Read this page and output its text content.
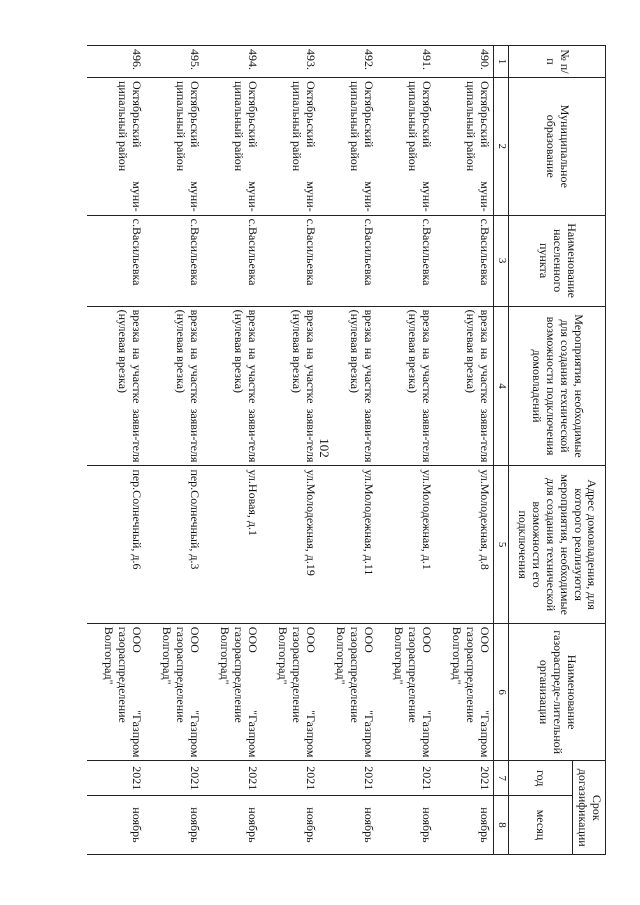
102
№ п/п	Муниципальное образование	Наименование населенного пункта	Мероприятия, необходимые для создания технической возможности подключения домовладений	Адрес домовладения, для которого реализуются мероприятия, необходимые для создания технической возможности его подключения	Наименование газораспреде-лительной организации	Срок догазификации	
						год	месяц
1	2	3	4	5	6	7	8
490.	Октябрьский муни-ципальный район	с.Васильевка	врезка на участке заяви-теля (нулевая врезка)	ул.Молодежная, д.8	ООО "Газпром газораспределение Волгоград"	2021	ноябрь
491.	Октябрьский муни-ципальный район	с.Васильевка	врезка на участке заяви-теля (нулевая врезка)	ул.Молодежная, д.1	ООО "Газпром газораспределение Волгоград"	2021	ноябрь
492.	Октябрьский муни-ципальный район	с.Васильевка	врезка на участке заяви-теля (нулевая врезка)	ул.Молодежная, д.11	ООО "Газпром газораспределение Волгоград"	2021	ноябрь
493.	Октябрьский муни-ципальный район	с.Васильевка	врезка на участке заяви-теля (нулевая врезка)	ул.Молодежная, д.19	ООО "Газпром газораспределение Волгоград"	2021	ноябрь
494.	Октябрьский муни-ципальный район	с.Васильевка	врезка на участке заяви-теля (нулевая врезка)	ул.Новая, д.1	ООО "Газпром газораспределение Волгоград"	2021	ноябрь
495.	Октябрьский муни-ципальный район	с.Васильевка	врезка на участке заяви-теля (нулевая врезка)	пер.Солнечный, д.3	ООО "Газпром газораспределение Волгоград"	2021	ноябрь
496.	Октябрьский муни-ципальный район	с.Васильевка	врезка на участке заяви-теля (нулевая врезка)	пер.Солнечный, д.6	ООО "Газпром газораспределение Волгоград"	2021	ноябрь
